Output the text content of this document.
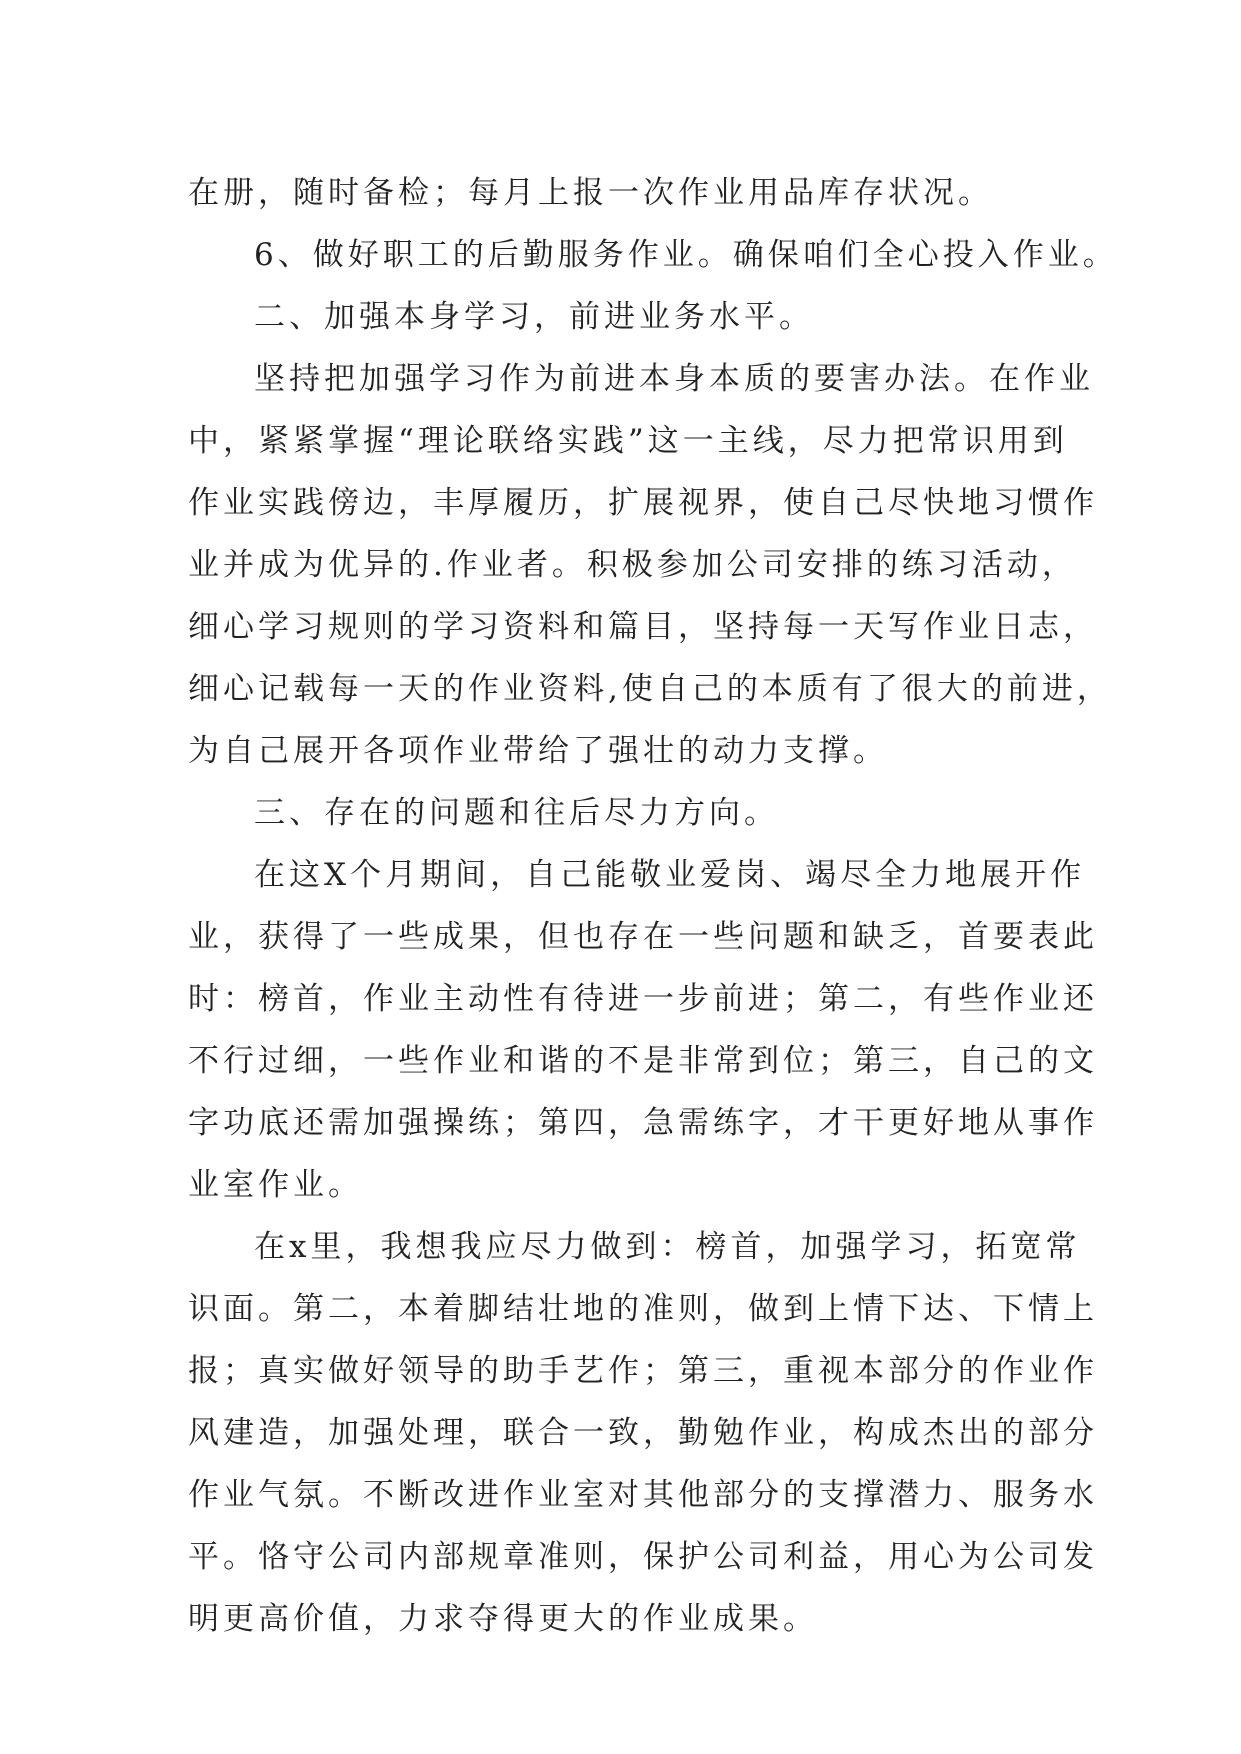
在册，随时备检；每月上报一次作业用品库存状况。
6、做好职工的后勤服务作业。确保咱们全心投入作业。
二、加强本身学习，前进业务水平。
坚持把加强学习作为前进本身本质的要害办法。在作业
中，紧紧掌握“理论联络实践”这一主线，尽力把常识用到
作业实践傍边，丰厚履历，扩展视界，使自己尽快地习惯作
业并成为优异的.作业者。积极参加公司安排的练习活动，
细心学习规则的学习资料和篇目，坚持每一天写作业日志，
细心记载每一天的作业资料,使自己的本质有了很大的前进，
为自己展开各项作业带给了强壮的动力支撑。
三、存在的问题和往后尽力方向。
在这X个月期间，自己能敬业爱岗、竭尽全力地展开作
业，获得了一些成果，但也存在一些问题和缺乏，首要表此
时：榜首，作业主动性有待进一步前进；第二，有些作业还
不行过细，一些作业和谐的不是非常到位；第三，自己的文
字功底还需加强操练；第四，急需练字，才干更好地从事作
业室作业。
在x里，我想我应尽力做到：榜首，加强学习，拓宽常
识面。第二，本着脚结壮地的准则，做到上情下达、下情上
报；真实做好领导的助手艺作；第三，重视本部分的作业作
风建造，加强处理，联合一致，勤勉作业，构成杰出的部分
作业气氛。不断改进作业室对其他部分的支撑潜力、服务水
平。恪守公司内部规章准则，保护公司利益，用心为公司发
明更高价值，力求夺得更大的作业成果。
